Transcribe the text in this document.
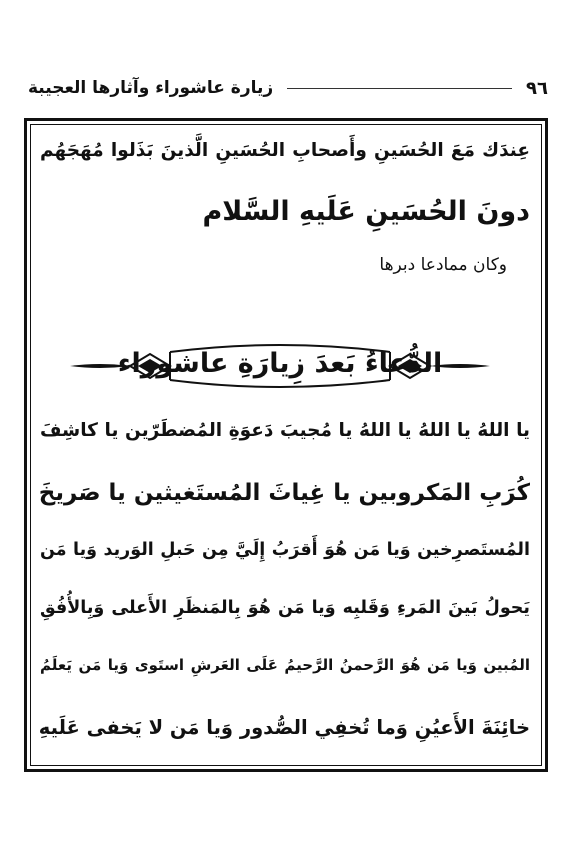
٩٦
زيارة عاشوراء وآثارها العجيبة
عِندَك مَعَ الحُسَينِ وأَصحابِ الحُسَينِ الَّذينَ بَذَلوا مُهَجَهُم
دونَ الحُسَينِ عَلَيهِ السَّلام
وكان ممادعا دبرها
الدُّعاءُ بَعدَ زِيارَةِ عاشوراء
يا اللهُ يا اللهُ يا اللهُ يا مُجيبَ دَعوَةِ المُضطَرّين يا كاشِفَ
كُرَبِ المَكروبين يا غِياثَ المُستَغيثين يا صَريخَ
المُستَصرِخين وَيا مَن هُوَ أَقرَبُ إِلَيَّ مِن حَبلِ الوَريد وَيا مَن
يَحولُ بَينَ المَرءِ وَقَلبِه وَيا مَن هُوَ بِالمَنظَرِ الأَعلى وَبِالأُفُقِ
المُبين وَيا مَن هُوَ الرَّحمنُ الرَّحيمُ عَلَى العَرشِ استَوى وَيا مَن يَعلَمُ
خائِنَةَ الأَعيُنِ وَما تُخفِي الصُّدور وَيا مَن لا يَخفى عَلَيهِ
